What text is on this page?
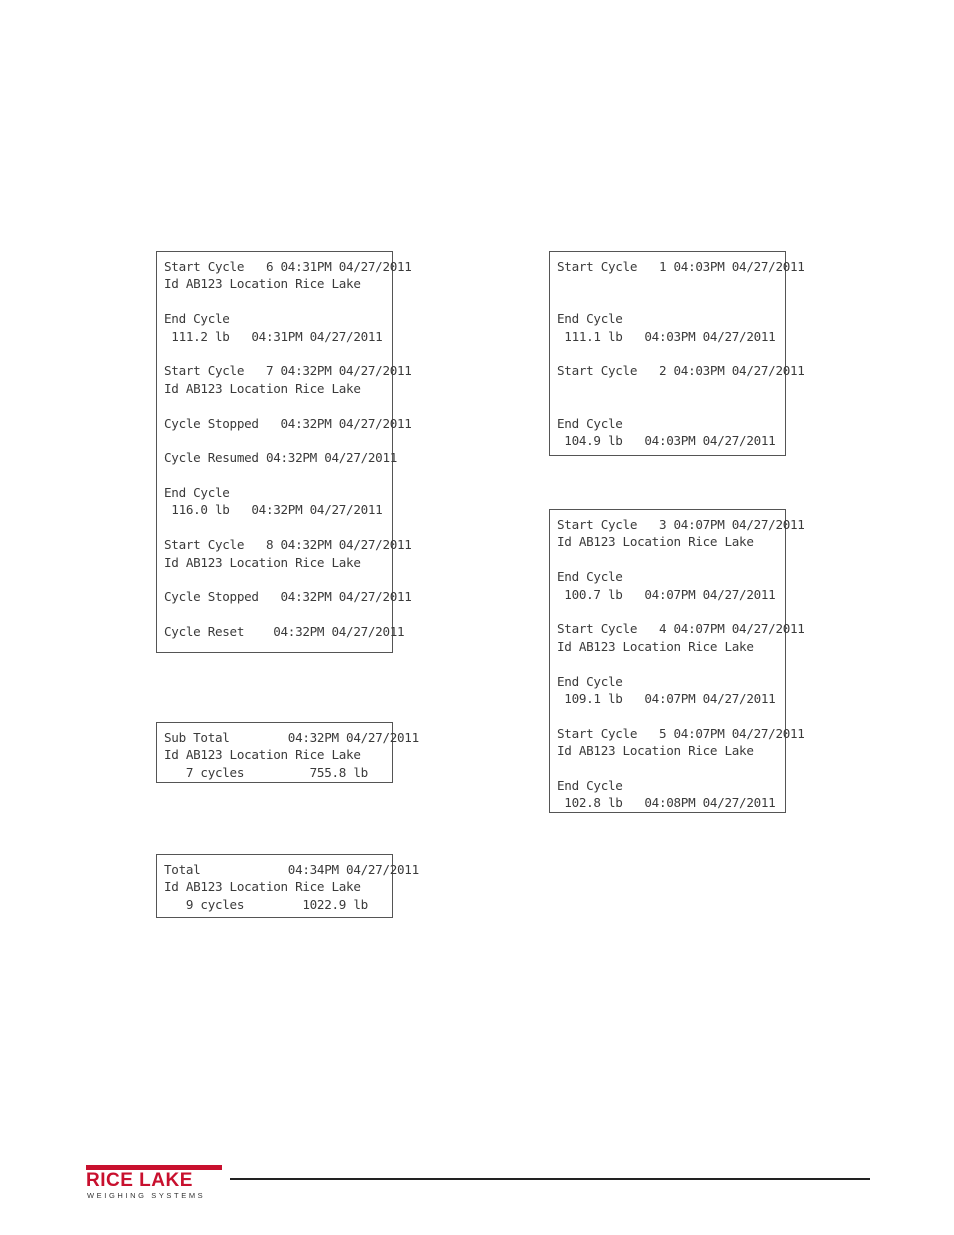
Start Cycle   6 04:31PM 04/27/2011
Id AB123 Location Rice Lake

End Cycle
111.2 lb   04:31PM 04/27/2011

Start Cycle   7 04:32PM 04/27/2011
Id AB123 Location Rice Lake

Cycle Stopped   04:32PM 04/27/2011

Cycle Resumed 04:32PM 04/27/2011

End Cycle
116.0 lb   04:32PM 04/27/2011

Start Cycle   8 04:32PM 04/27/2011
Id AB123 Location Rice Lake

Cycle Stopped   04:32PM 04/27/2011

Cycle Reset    04:32PM 04/27/2011
Sub Total        04:32PM 04/27/2011
Id AB123 Location Rice Lake
7 cycles         755.8 lb
Total            04:34PM 04/27/2011
Id AB123 Location Rice Lake
9 cycles        1022.9 lb
Start Cycle   1 04:03PM 04/27/2011

End Cycle
111.1 lb   04:03PM 04/27/2011

Start Cycle   2 04:03PM 04/27/2011

End Cycle
104.9 lb   04:03PM 04/27/2011
Start Cycle   3 04:07PM 04/27/2011
Id AB123 Location Rice Lake

End Cycle
100.7 lb   04:07PM 04/27/2011

Start Cycle   4 04:07PM 04/27/2011
Id AB123 Location Rice Lake

End Cycle
109.1 lb   04:07PM 04/27/2011

Start Cycle   5 04:07PM 04/27/2011
Id AB123 Location Rice Lake

End Cycle
102.8 lb   04:08PM 04/27/2011
RICE LAKE
WEIGHING SYSTEMS
